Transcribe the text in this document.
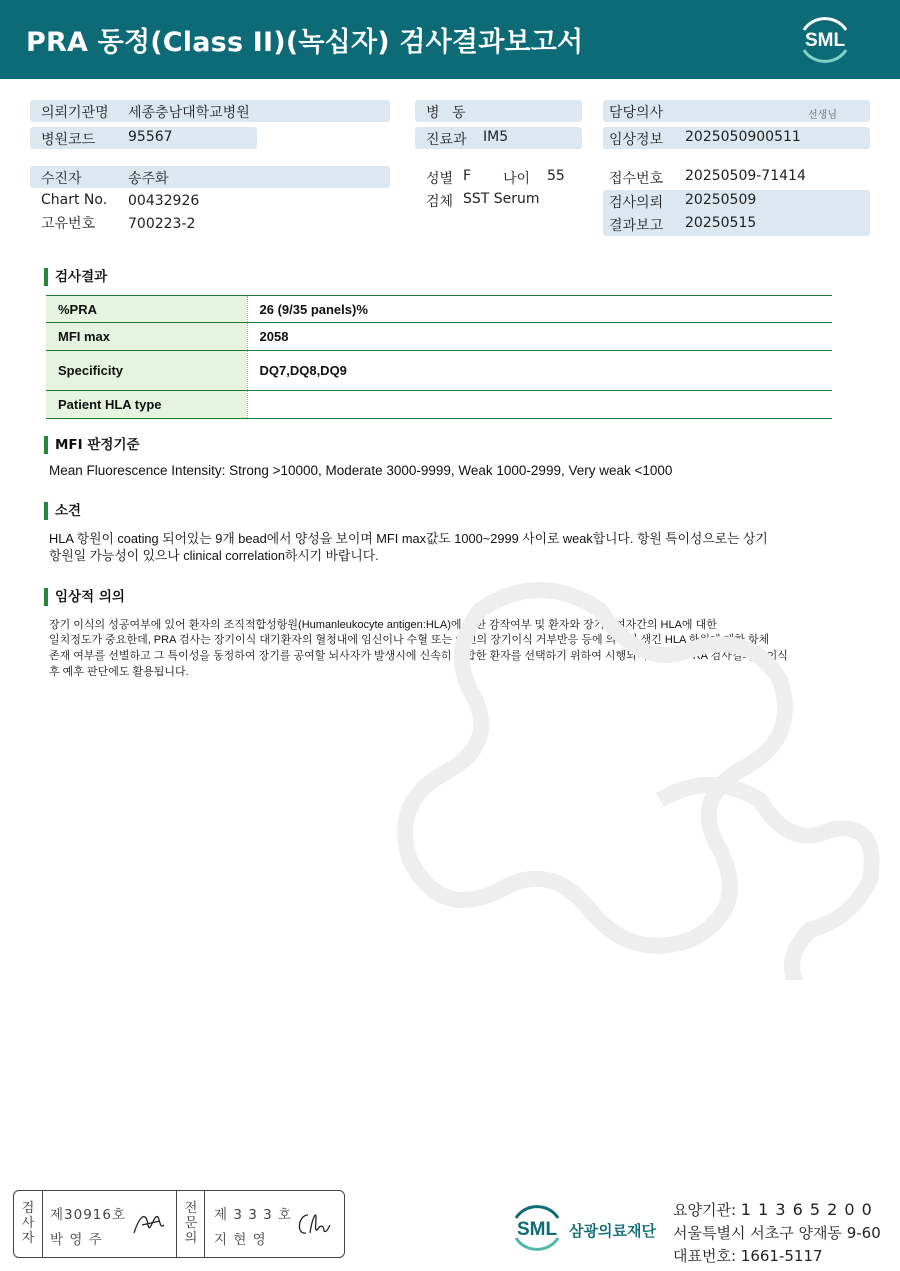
PRA 동정(Class II)(녹십자) 검사결과보고서	SML
의뢰기관명 세종충남대학교병원
병원코드 95567
수진자	송주화
Chart No. 00432926
고유번호 700223-2
병 동
진료과 IM5
성별 F 나이 55
검체 SST Serum
담당의사	선생님
임상정보 2025050900511
접수번호 20250509-71414
검사의뢰 20250509
결과보고 20250515
검사결과
%PRA	26 (9/35 panels)%
MFI max	2058
Specificity	DQ7,DQ8,DQ9
Patient HLA type	
MFI 판정기준
Mean Fluorescence Intensity: Strong >10000, Moderate 3000-9999, Weak 1000-2999, Very weak <1000
소견
HLA 항원이 coating 되어있는 9개 bead에서 양성을 보이며 MFI max값도 1000~2999 사이로 weak합니다. 항원 특이성으로는 상기
항원일 가능성이 있으나 clinical correlation하시기 바랍니다.
임상적 의의
장기 이식의 성공여부에 있어 환자의 조직적합성항원(Humanleukocyte antigen:HLA)에 대한 감작여부 및 환자와 장기공여자간의 HLA에 대한
일치정도가 중요한데, PRA 검사는 장기이식 대기환자의 혈청내에 임신이나 수혈 또는 이전의 장기이식 거부반응 등에 의하여 생긴 HLA 항원에 대한 항체
존재 여부를 선별하고 그 특이성을 동정하여 장기를 공여할 뇌사자가 발생시에 신속히 적합한 환자를 선택하기 위하여 시행되며 이러한 PRA 검사결과는 이식
후 예후 판단에도 활용됩니다.
검사자
제30916호
박 영 주
전문의
제 3 3 3 호
지 현 영	SML 삼광의료재단
요양기관: 1 1 3 6 5 2 0 0
서울특별시 서초구 양재동 9-60
대표번호: 1661-5117
